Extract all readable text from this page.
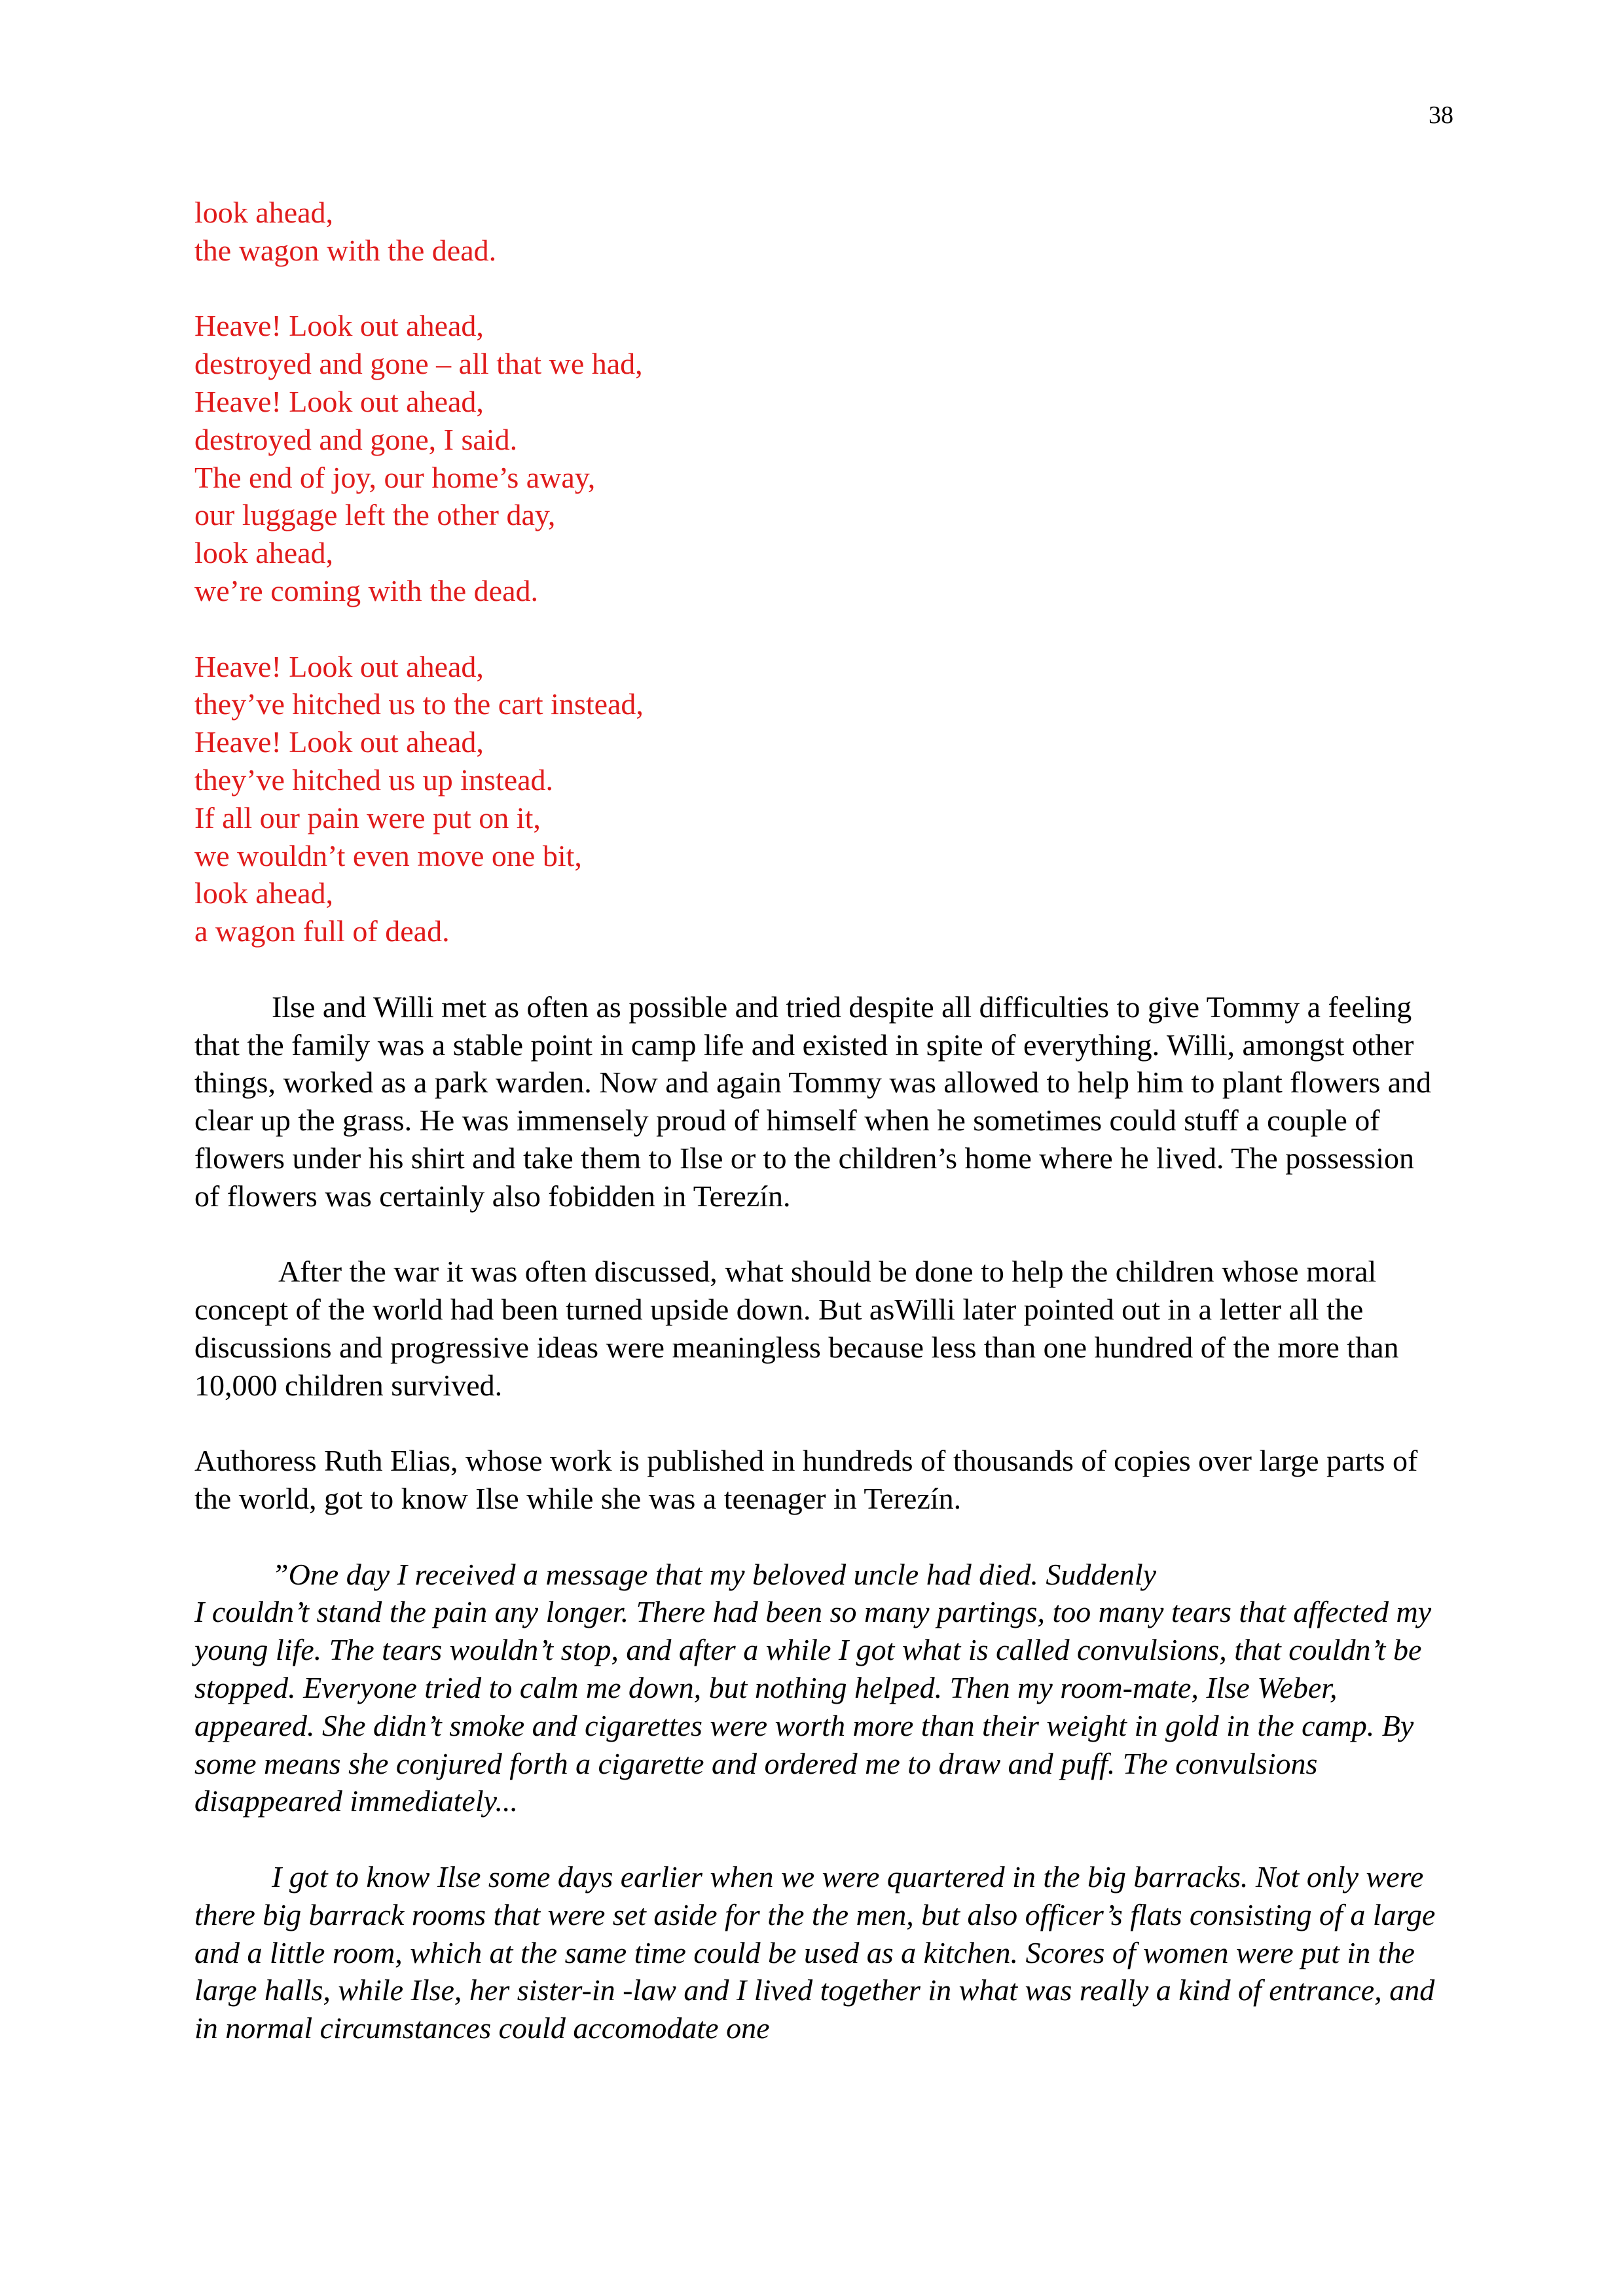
38
look ahead,
the wagon with the dead.
Heave! Look out ahead,
destroyed and gone – all that we had,
Heave! Look out ahead,
destroyed and gone, I said.
The end of joy, our home’s away,
our luggage left the other day,
look ahead,
we’re coming with the dead.
Heave! Look out ahead,
they’ve hitched us to the cart instead,
Heave! Look out ahead,
they’ve hitched us up instead.
If all our pain were put on it,
we wouldn’t even move one bit,
look ahead,
a wagon full of dead.

Ilse and Willi met as often as possible and tried despite all difficulties to give Tommy a feeling that the family was a stable point in camp life and existed in spite of everything. Willi, amongst other things, worked as a park warden. Now and again Tommy was allowed to help him to plant flowers and clear up the grass. He was immensely proud of himself when he sometimes could stuff a couple of flowers under his shirt and take them to Ilse or to the children’s home where he lived. The possession of flowers was certainly also fobidden in Terezín.

After the war it was often discussed, what should be done to help the children whose moral concept of the world had been turned upside down. But asWilli later pointed out in a letter all the discussions and progressive ideas were meaningless because less than one hundred of the more than 10,000 children survived.

Authoress Ruth Elias, whose work is published in hundreds of thousands of copies over large parts of the world, got to know Ilse while she was a teenager in Terezín.

”One day I received a message that my beloved uncle had died. Suddenly
I couldn’t stand the pain any longer. There had been so many partings, too many tears that affected my young life. The tears wouldn’t stop, and after a while I got what is called convulsions, that couldn’t be stopped. Everyone tried to calm me down, but nothing helped. Then my room-mate, Ilse Weber, appeared. She didn’t smoke and cigarettes were worth more than their weight in gold in the camp. By some means she conjured forth a cigarette and ordered me to draw and puff. The convulsions disappeared immediately...

I got to know Ilse some days earlier when we were quartered in the big barracks. Not only were there big barrack rooms that were set aside for the the men, but also officer’s flats consisting of a large and a little room, which at the same time could be used as a kitchen. Scores of women were put in the large halls, while Ilse, her sister-in -law and I lived together in what was really a kind of entrance, and in normal circumstances could accomodate one
